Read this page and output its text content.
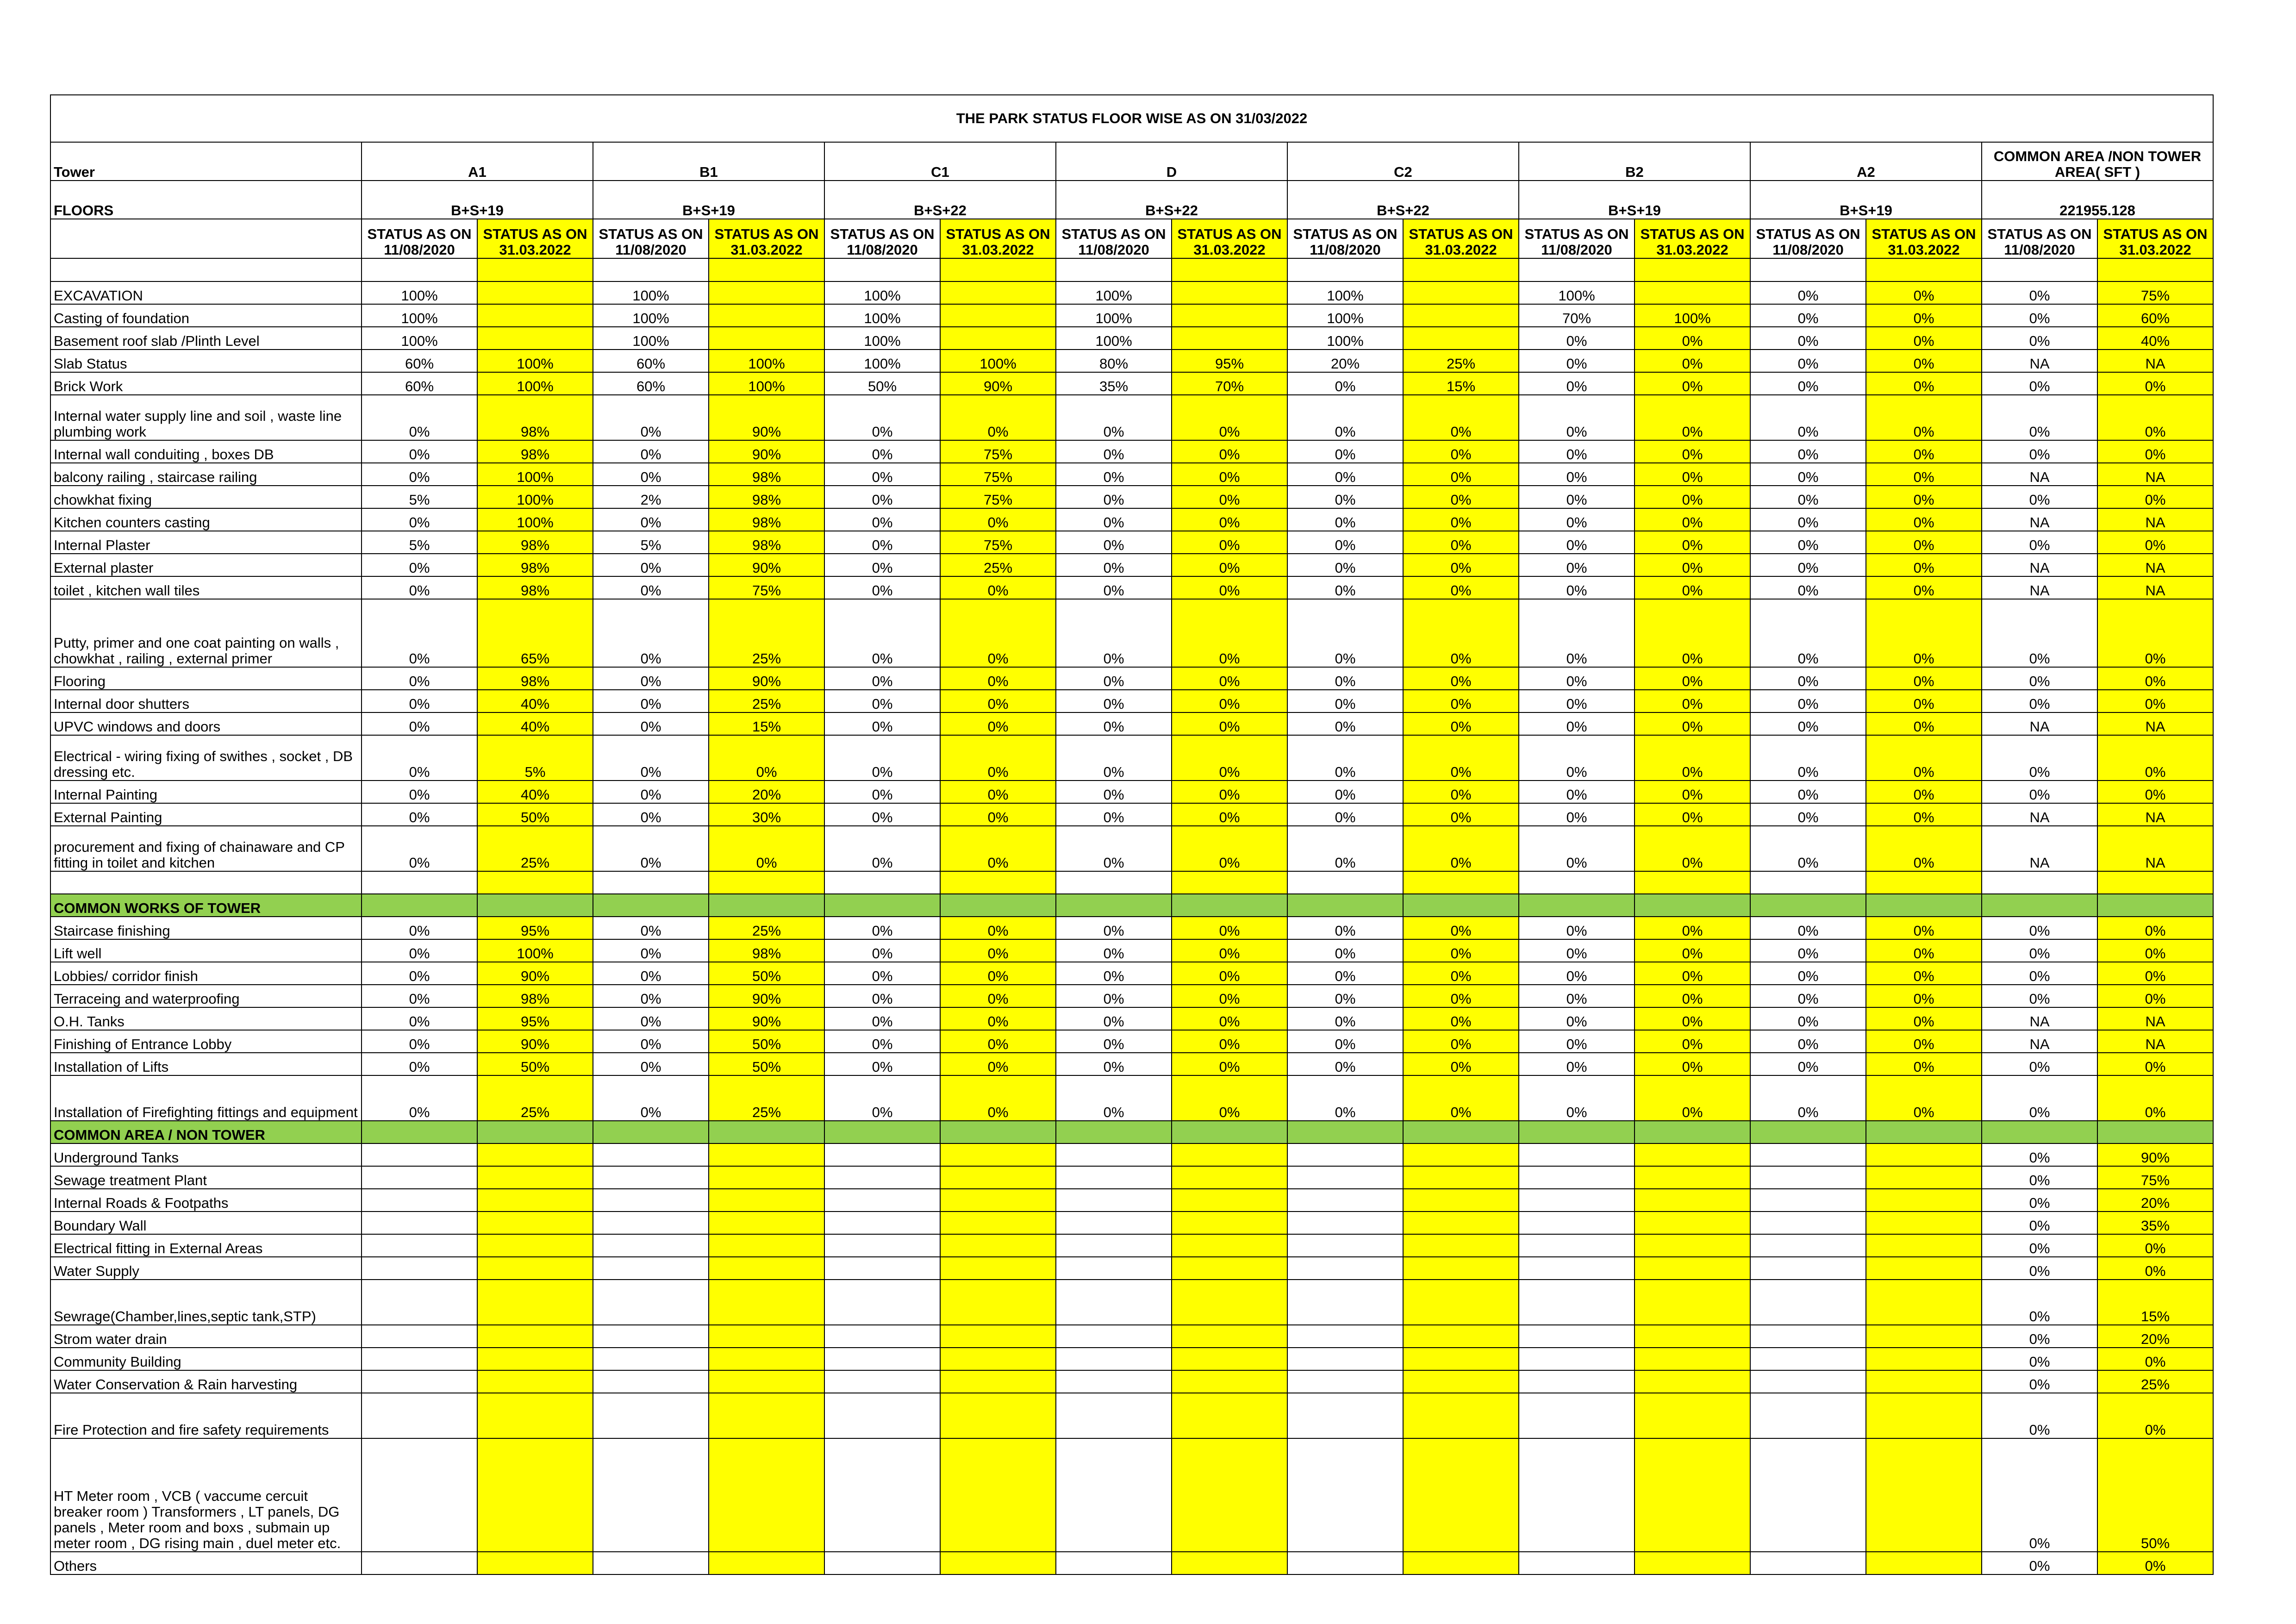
THE PARK STATUS FLOOR WISE AS ON 31/03/2022																
Tower	A1		B1		C1		D		C2		B2		A2		COMMON AREA /NON TOWER AREA( SFT )	
FLOORS	B+S+19		B+S+19		B+S+22		B+S+22		B+S+22		B+S+19		B+S+19		221955.128	
	STATUS AS ON 11/08/2020	STATUS AS ON 31.03.2022	STATUS AS ON 11/08/2020	STATUS AS ON 31.03.2022	STATUS AS ON 11/08/2020	STATUS AS ON 31.03.2022	STATUS AS ON 11/08/2020	STATUS AS ON 31.03.2022	STATUS AS ON 11/08/2020	STATUS AS ON 31.03.2022	STATUS AS ON 11/08/2020	STATUS AS ON 31.03.2022	STATUS AS ON 11/08/2020	STATUS AS ON 31.03.2022	STATUS AS ON 11/08/2020	STATUS AS ON 31.03.2022

EXCAVATION	100%		100%		100%		100%		100%		100%		0%	0%	0%	75%
Casting of foundation	100%		100%		100%		100%		100%		70%	100%	0%	0%	0%	60%
Basement roof slab /Plinth Level	100%		100%		100%		100%		100%		0%	0%	0%	0%	0%	40%
Slab Status	60%	100%	60%	100%	100%	100%	80%	95%	20%	25%	0%	0%	0%	0%	NA	NA
Brick Work	60%	100%	60%	100%	50%	90%	35%	70%	0%	15%	0%	0%	0%	0%	0%	0%
Internal water supply line and soil , waste line plumbing work	0%	98%	0%	90%	0%	0%	0%	0%	0%	0%	0%	0%	0%	0%	0%	0%
Internal wall conduiting , boxes DB	0%	98%	0%	90%	0%	75%	0%	0%	0%	0%	0%	0%	0%	0%	0%	0%
balcony railing , staircase railing	0%	100%	0%	98%	0%	75%	0%	0%	0%	0%	0%	0%	0%	0%	NA	NA
chowkhat fixing	5%	100%	2%	98%	0%	75%	0%	0%	0%	0%	0%	0%	0%	0%	0%	0%
Kitchen counters casting	0%	100%	0%	98%	0%	0%	0%	0%	0%	0%	0%	0%	0%	0%	NA	NA
Internal Plaster	5%	98%	5%	98%	0%	75%	0%	0%	0%	0%	0%	0%	0%	0%	0%	0%
External plaster	0%	98%	0%	90%	0%	25%	0%	0%	0%	0%	0%	0%	0%	0%	NA	NA
toilet , kitchen wall tiles	0%	98%	0%	75%	0%	0%	0%	0%	0%	0%	0%	0%	0%	0%	NA	NA
Putty, primer and one coat painting on walls , chowkhat , railing , external primer	0%	65%	0%	25%	0%	0%	0%	0%	0%	0%	0%	0%	0%	0%	0%	0%
Flooring	0%	98%	0%	90%	0%	0%	0%	0%	0%	0%	0%	0%	0%	0%	0%	0%
Internal door shutters	0%	40%	0%	25%	0%	0%	0%	0%	0%	0%	0%	0%	0%	0%	0%	0%
UPVC windows and doors	0%	40%	0%	15%	0%	0%	0%	0%	0%	0%	0%	0%	0%	0%	NA	NA
Electrical - wiring fixing of swithes , socket , DB dressing etc.	0%	5%	0%	0%	0%	0%	0%	0%	0%	0%	0%	0%	0%	0%	0%	0%
Internal Painting	0%	40%	0%	20%	0%	0%	0%	0%	0%	0%	0%	0%	0%	0%	0%	0%
External Painting	0%	50%	0%	30%	0%	0%	0%	0%	0%	0%	0%	0%	0%	0%	NA	NA
procurement and fixing of chainaware and CP fitting in toilet and kitchen	0%	25%	0%	0%	0%	0%	0%	0%	0%	0%	0%	0%	0%	0%	NA	NA

COMMON WORKS OF TOWER																
Staircase finishing	0%	95%	0%	25%	0%	0%	0%	0%	0%	0%	0%	0%	0%	0%	0%	0%
Lift well	0%	100%	0%	98%	0%	0%	0%	0%	0%	0%	0%	0%	0%	0%	0%	0%
Lobbies/ corridor finish	0%	90%	0%	50%	0%	0%	0%	0%	0%	0%	0%	0%	0%	0%	0%	0%
Terraceing and waterproofing	0%	98%	0%	90%	0%	0%	0%	0%	0%	0%	0%	0%	0%	0%	0%	0%
O.H. Tanks	0%	95%	0%	90%	0%	0%	0%	0%	0%	0%	0%	0%	0%	0%	NA	NA
Finishing of Entrance Lobby	0%	90%	0%	50%	0%	0%	0%	0%	0%	0%	0%	0%	0%	0%	NA	NA
Installation of Lifts	0%	50%	0%	50%	0%	0%	0%	0%	0%	0%	0%	0%	0%	0%	0%	0%
Installation of Firefighting fittings and equipment	0%	25%	0%	25%	0%	0%	0%	0%	0%	0%	0%	0%	0%	0%	0%	0%
COMMON AREA / NON TOWER																
Underground Tanks															0%	90%
Sewage treatment Plant															0%	75%
Internal Roads & Footpaths															0%	20%
Boundary Wall															0%	35%
Electrical fitting in External Areas															0%	0%
Water Supply															0%	0%
Sewrage(Chamber,lines,septic tank,STP)															0%	15%
Strom water drain															0%	20%
Community Building															0%	0%
Water Conservation & Rain harvesting															0%	25%
Fire Protection and fire safety requirements															0%	0%
HT Meter room , VCB ( vaccume cercuit breaker room ) Transformers , LT panels, DG panels , Meter room and boxs , submain up meter room , DG rising main , duel meter etc.															0%	50%
Others															0%	0%
